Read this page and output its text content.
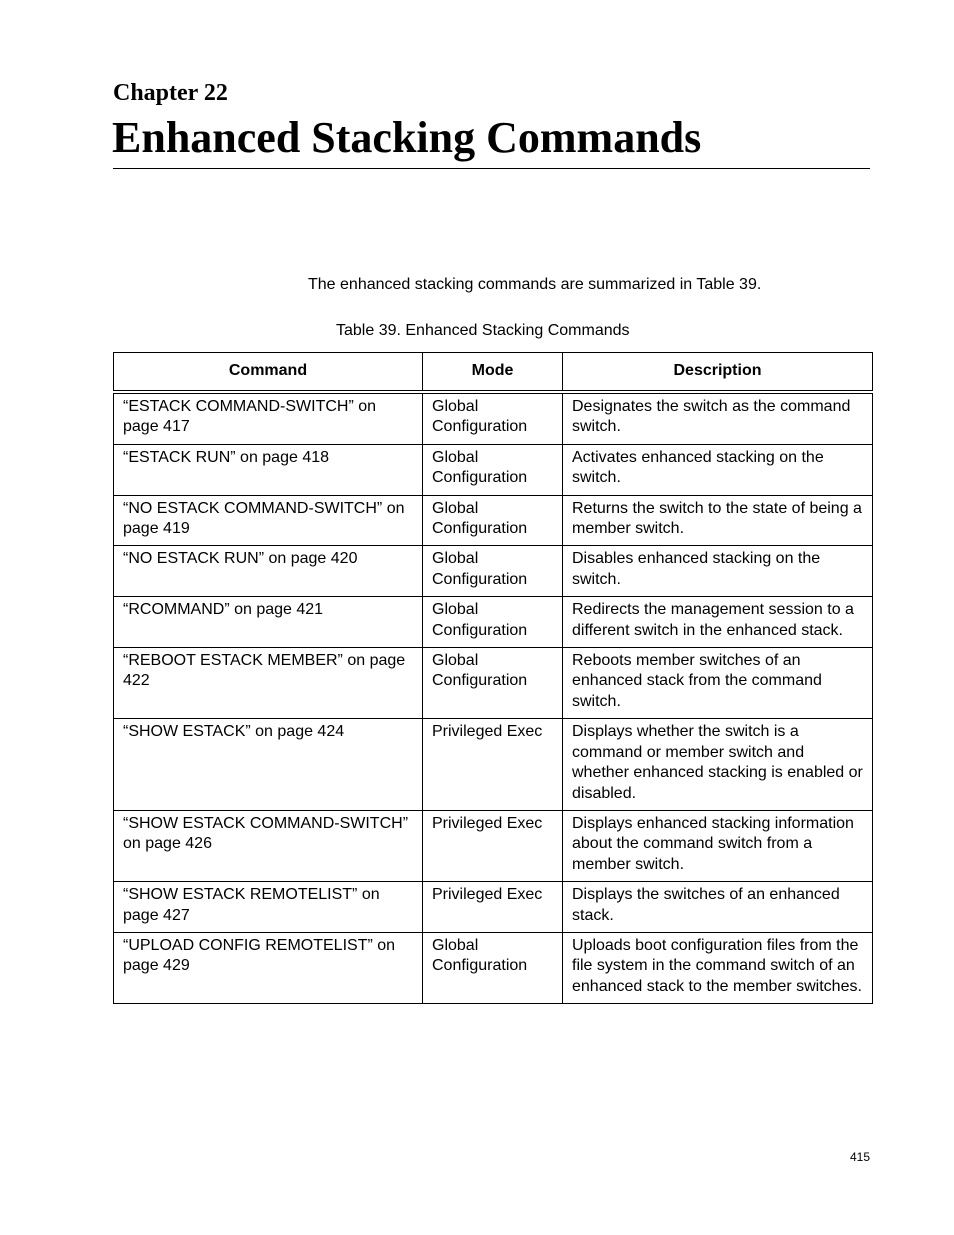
Chapter 22
Enhanced Stacking Commands

The enhanced stacking commands are summarized in Table 39.

Table 39. Enhanced Stacking Commands

Command	Mode	Description
“ESTACK COMMAND-SWITCH” on page 417	Global Configuration	Designates the switch as the command switch.
“ESTACK RUN” on page 418	Global Configuration	Activates enhanced stacking on the switch.
“NO ESTACK COMMAND-SWITCH” on page 419	Global Configuration	Returns the switch to the state of being a member switch.
“NO ESTACK RUN” on page 420	Global Configuration	Disables enhanced stacking on the switch.
“RCOMMAND” on page 421	Global Configuration	Redirects the management session to a different switch in the enhanced stack.
“REBOOT ESTACK MEMBER” on page 422	Global Configuration	Reboots member switches of an enhanced stack from the command switch.
“SHOW ESTACK” on page 424	Privileged Exec	Displays whether the switch is a command or member switch and whether enhanced stacking is enabled or disabled.
“SHOW ESTACK COMMAND-SWITCH” on page 426	Privileged Exec	Displays enhanced stacking information about the command switch from a member switch.
“SHOW ESTACK REMOTELIST” on page 427	Privileged Exec	Displays the switches of an enhanced stack.
“UPLOAD CONFIG REMOTELIST” on page 429	Global Configuration	Uploads boot configuration files from the file system in the command switch of an enhanced stack to the member switches.
415
